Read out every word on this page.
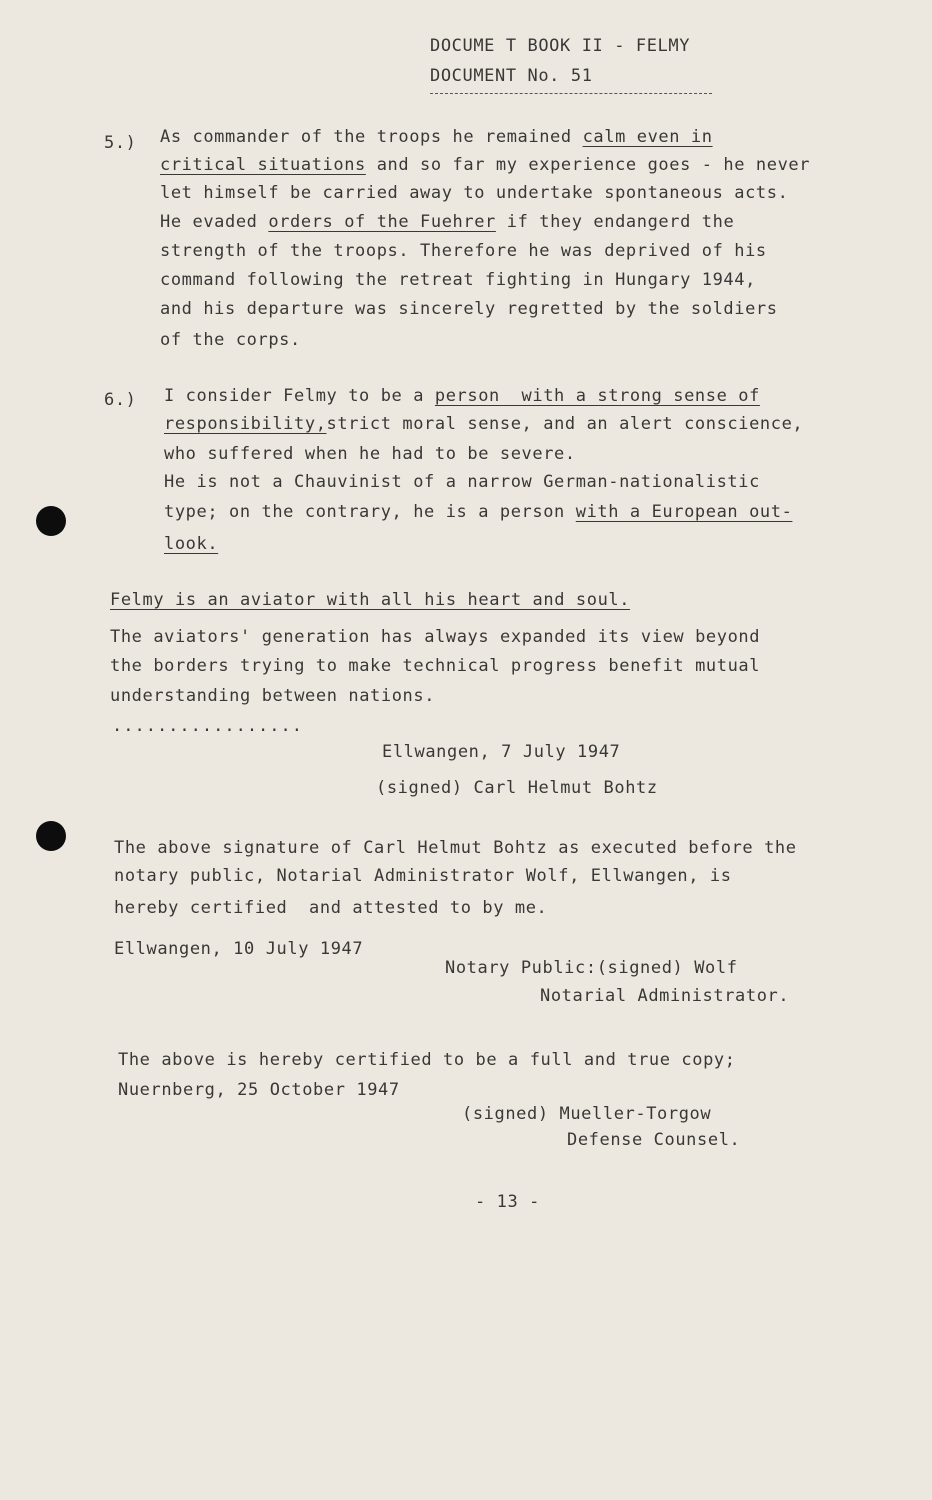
DOCUME T BOOK II - FELMY
DOCUMENT No. 51
5.) As commander of the troops he remained calm even in
critical situations and so far my experience goes - he never
let himself be carried away to undertake spontaneous acts.
He evaded orders of the Fuehrer if they endangerd the
strength of the troops. Therefore he was deprived of his
command following the retreat fighting in Hungary 1944,
and his departure was sincerely regretted by the soldiers
of the corps.
6.) I consider Felmy to be a person  with a strong sense of
responsibility,strict moral sense, and an alert conscience,
who suffered when he had to be severe.
He is not a Chauvinist of a narrow German-nationalistic
type; on the contrary, he is a person with a European out-
look.
Felmy is an aviator with all his heart and soul.
The aviators' generation has always expanded its view beyond
the borders trying to make technical progress benefit mutual
understanding between nations.
.................
Ellwangen, 7 July 1947
(signed) Carl Helmut Bohtz
The above signature of Carl Helmut Bohtz as executed before the
notary public, Notarial Administrator Wolf, Ellwangen, is
hereby certified  and attested to by me.
Ellwangen, 10 July 1947
Notary Public:(signed) Wolf
Notarial Administrator.
The above is hereby certified to be a full and true copy;
Nuernberg, 25 October 1947
(signed) Mueller-Torgow
Defense Counsel.
- 13 -
